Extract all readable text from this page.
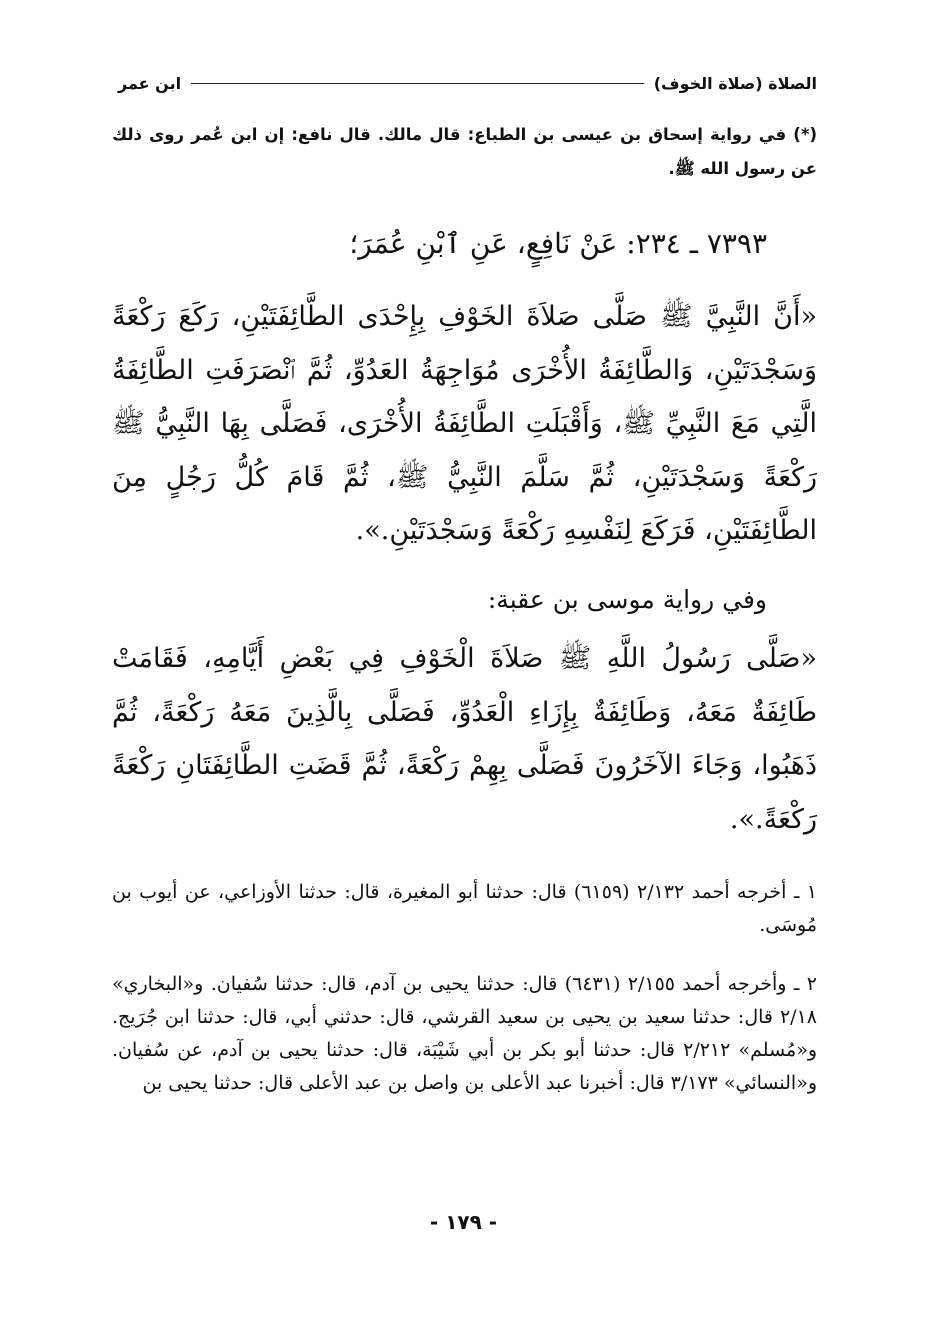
الصلاة (صلاة الخوف)
ابن عمر
(*) في رواية إسحاق بن عيسى بن الطباع: قال مالك. قال نافع: إن ابن عُمر روى ذلك عن رسول الله ﷺ.
٧٣٩٣ ـ ٢٣٤: عَنْ نَافِعٍ، عَنِ ٱبْنِ عُمَرَ؛
«أَنَّ النَّبِيَّ ﷺ صَلَّى صَلاَةَ الخَوْفِ بِإِحْدَى الطَّائِفَتَيْنِ، رَكَعَ رَكْعَةً وَسَجْدَتَيْنِ، وَالطَّائِفَةُ الأُخْرَى مُوَاجِهَةُ العَدُوِّ، ثُمَّ ٱنْصَرَفَتِ الطَّائِفَةُ الَّتِي مَعَ النَّبِيِّ ﷺ، وَأَقْبَلَتِ الطَّائِفَةُ الأُخْرَى، فَصَلَّى بِهَا النَّبِيُّ ﷺ رَكْعَةً وَسَجْدَتَيْنِ، ثُمَّ سَلَّمَ النَّبِيُّ ﷺ، ثُمَّ قَامَ كُلُّ رَجُلٍ مِنَ الطَّائِفَتَيْنِ، فَرَكَعَ لِنَفْسِهِ رَكْعَةً وَسَجْدَتَيْنِ.».
وفي رواية موسى بن عقبة:
«صَلَّى رَسُولُ اللَّهِ ﷺ صَلاَةَ الْخَوْفِ فِي بَعْضِ أَيَّامِهِ، فَقَامَتْ طَائِفَةٌ مَعَهُ، وَطَائِفَةٌ بِإِزَاءِ الْعَدُوِّ، فَصَلَّى بِالَّذِينَ مَعَهُ رَكْعَةً، ثُمَّ ذَهَبُوا، وَجَاءَ الآخَرُونَ فَصَلَّى بِهِمْ رَكْعَةً، ثُمَّ قَضَتِ الطَّائِفَتَانِ رَكْعَةً رَكْعَةً.».
١ ـ أخرجه أحمد ٢/١٣٢ (٦١٥٩) قال: حدثنا أبو المغيرة، قال: حدثنا الأوزاعي، عن أيوب بن مُوسَى.
٢ ـ وأخرجه أحمد ٢/١٥٥ (٦٤٣١) قال: حدثنا يحيى بن آدم، قال: حدثنا سُفيان. و«البخاري» ٢/١٨ قال: حدثنا سعيد بن يحيى بن سعيد القرشي، قال: حدثني أبي، قال: حدثنا ابن جُرَيج. و«مُسلم» ٢/٢١٢ قال: حدثنا أبو بكر بن أبي شَيْبَة، قال: حدثنا يحيى بن آدم، عن سُفيان. و«النسائي» ٣/١٧٣ قال: أخبرنا عبد الأعلى بن واصل بن عبد الأعلى قال: حدثنا يحيى بن
- ١٧٩ -
